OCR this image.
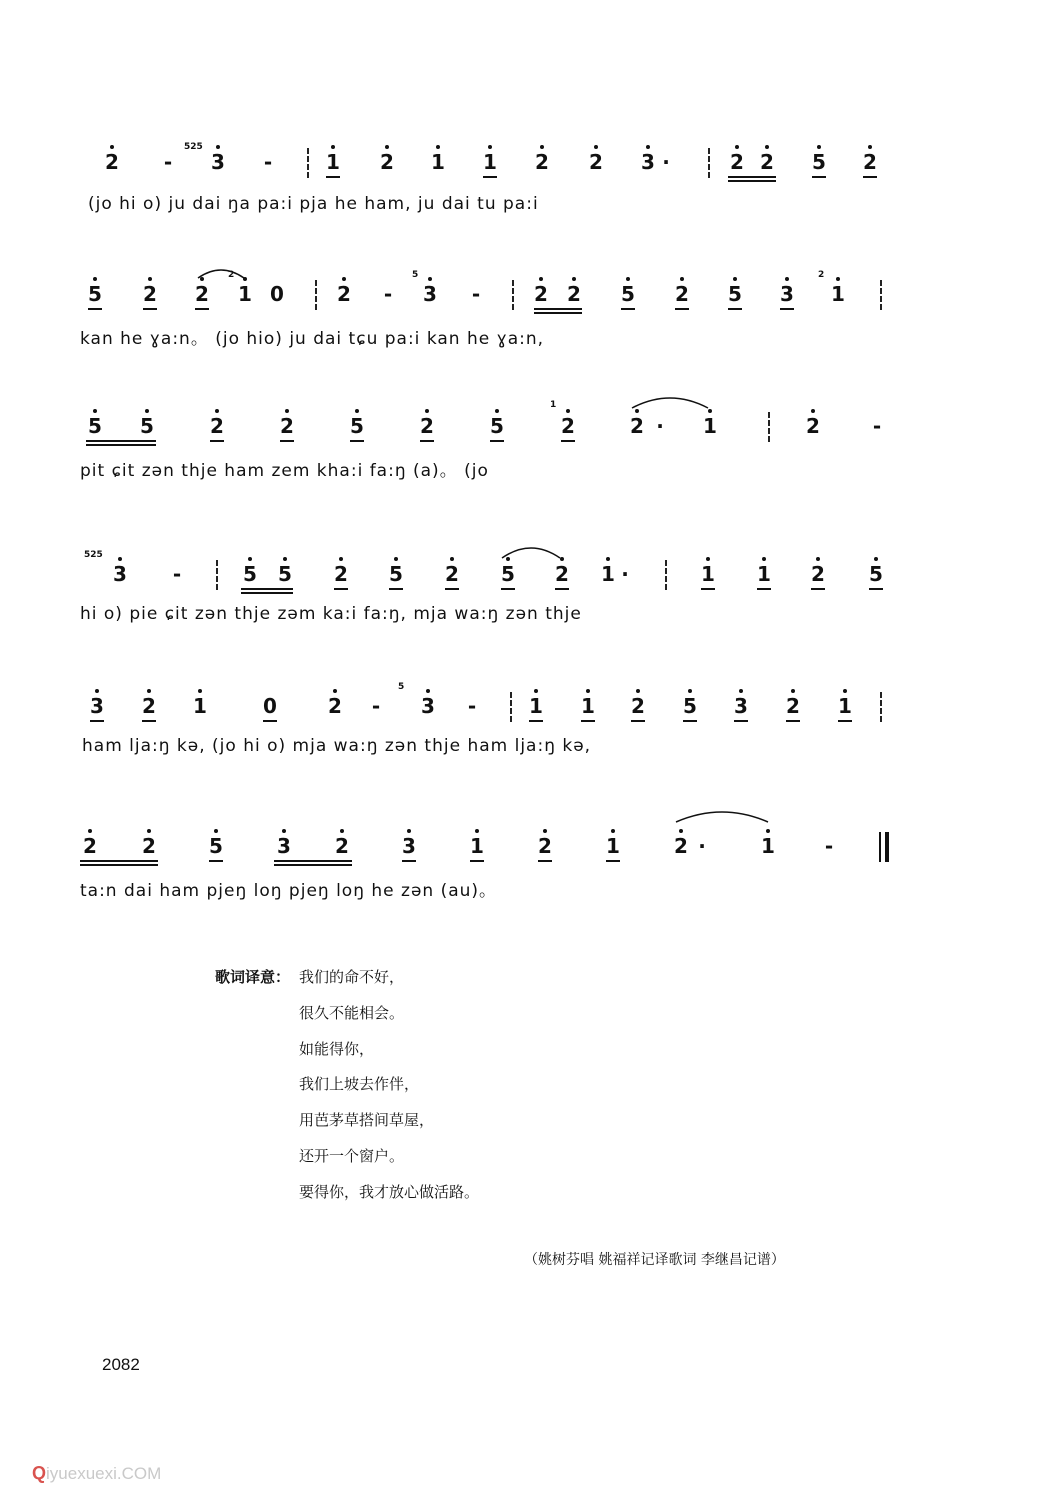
2 -
525
3 -	1 2 1 1 2 2 3 ·	2 2 5 2
(jo hi o) ju dai ŋa pa:i pja he ham, ju dai tu pa:i
5 2 2
2
1 0	2 -
5
3 -	2 2 5 2 5 3
2
1
kan he ɣa:n。 (jo hio) ju dai tɕu pa:i kan he ɣa:n,
5 5	2	2	5	2	5
1
2	2 · 1	2	-
pit ɕit zən thje ham zem kha:i fa:ŋ (a)。 (jo
525
3 -	5 5 2 5 2 5 2 1 ·	1 1 2 5
hi o) pie ɕit zən thje zəm ka:i fa:ŋ, mja wa:ŋ zən thje
3 2 1	0	2 -
5
3 -	1 1 2 5 3 2 1
ham lja:ŋ kə, (jo hi o) mja wa:ŋ zən thje ham lja:ŋ kə,
2 2	5	3 2	3	1	2	1	2 ·	1 -
ta:n dai ham pjeŋ loŋ pjeŋ loŋ he zən (au)。
歌词译意： 我们的命不好，
很久不能相会。
如能得你，
我们上坡去作伴，
用芭茅草搭间草屋，
还开一个窗户。
要得你，我才放心做活路。
（姚树芬唱 姚福祥记译歌词 李继昌记谱）
2082
Qiyuexuexi.COM
